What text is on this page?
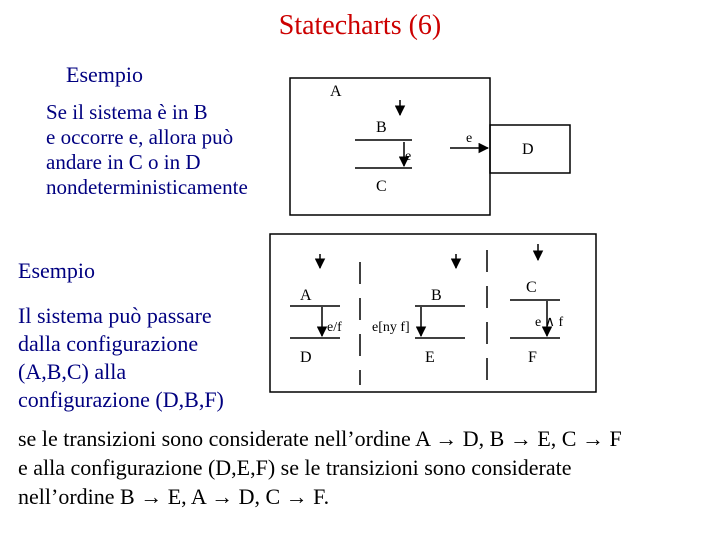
Statecharts (6)
Esempio
Se il sistema è in B
e occorre e, allora può
andare in C o in D
nondeterministicamente
Esempio
Il sistema può passare
dalla configurazione
(A,B,C) alla
configurazione (D,B,F)
se le transizioni sono considerate nell’ordine A → D, B → E, C → F
e alla configurazione (D,E,F) se le transizioni sono considerate
nell’ordine B → E, A → D, C → F.
A
B
C
D
e
e
A
D
B
E
C
F
e/f e[ny f]	e ∧ f
